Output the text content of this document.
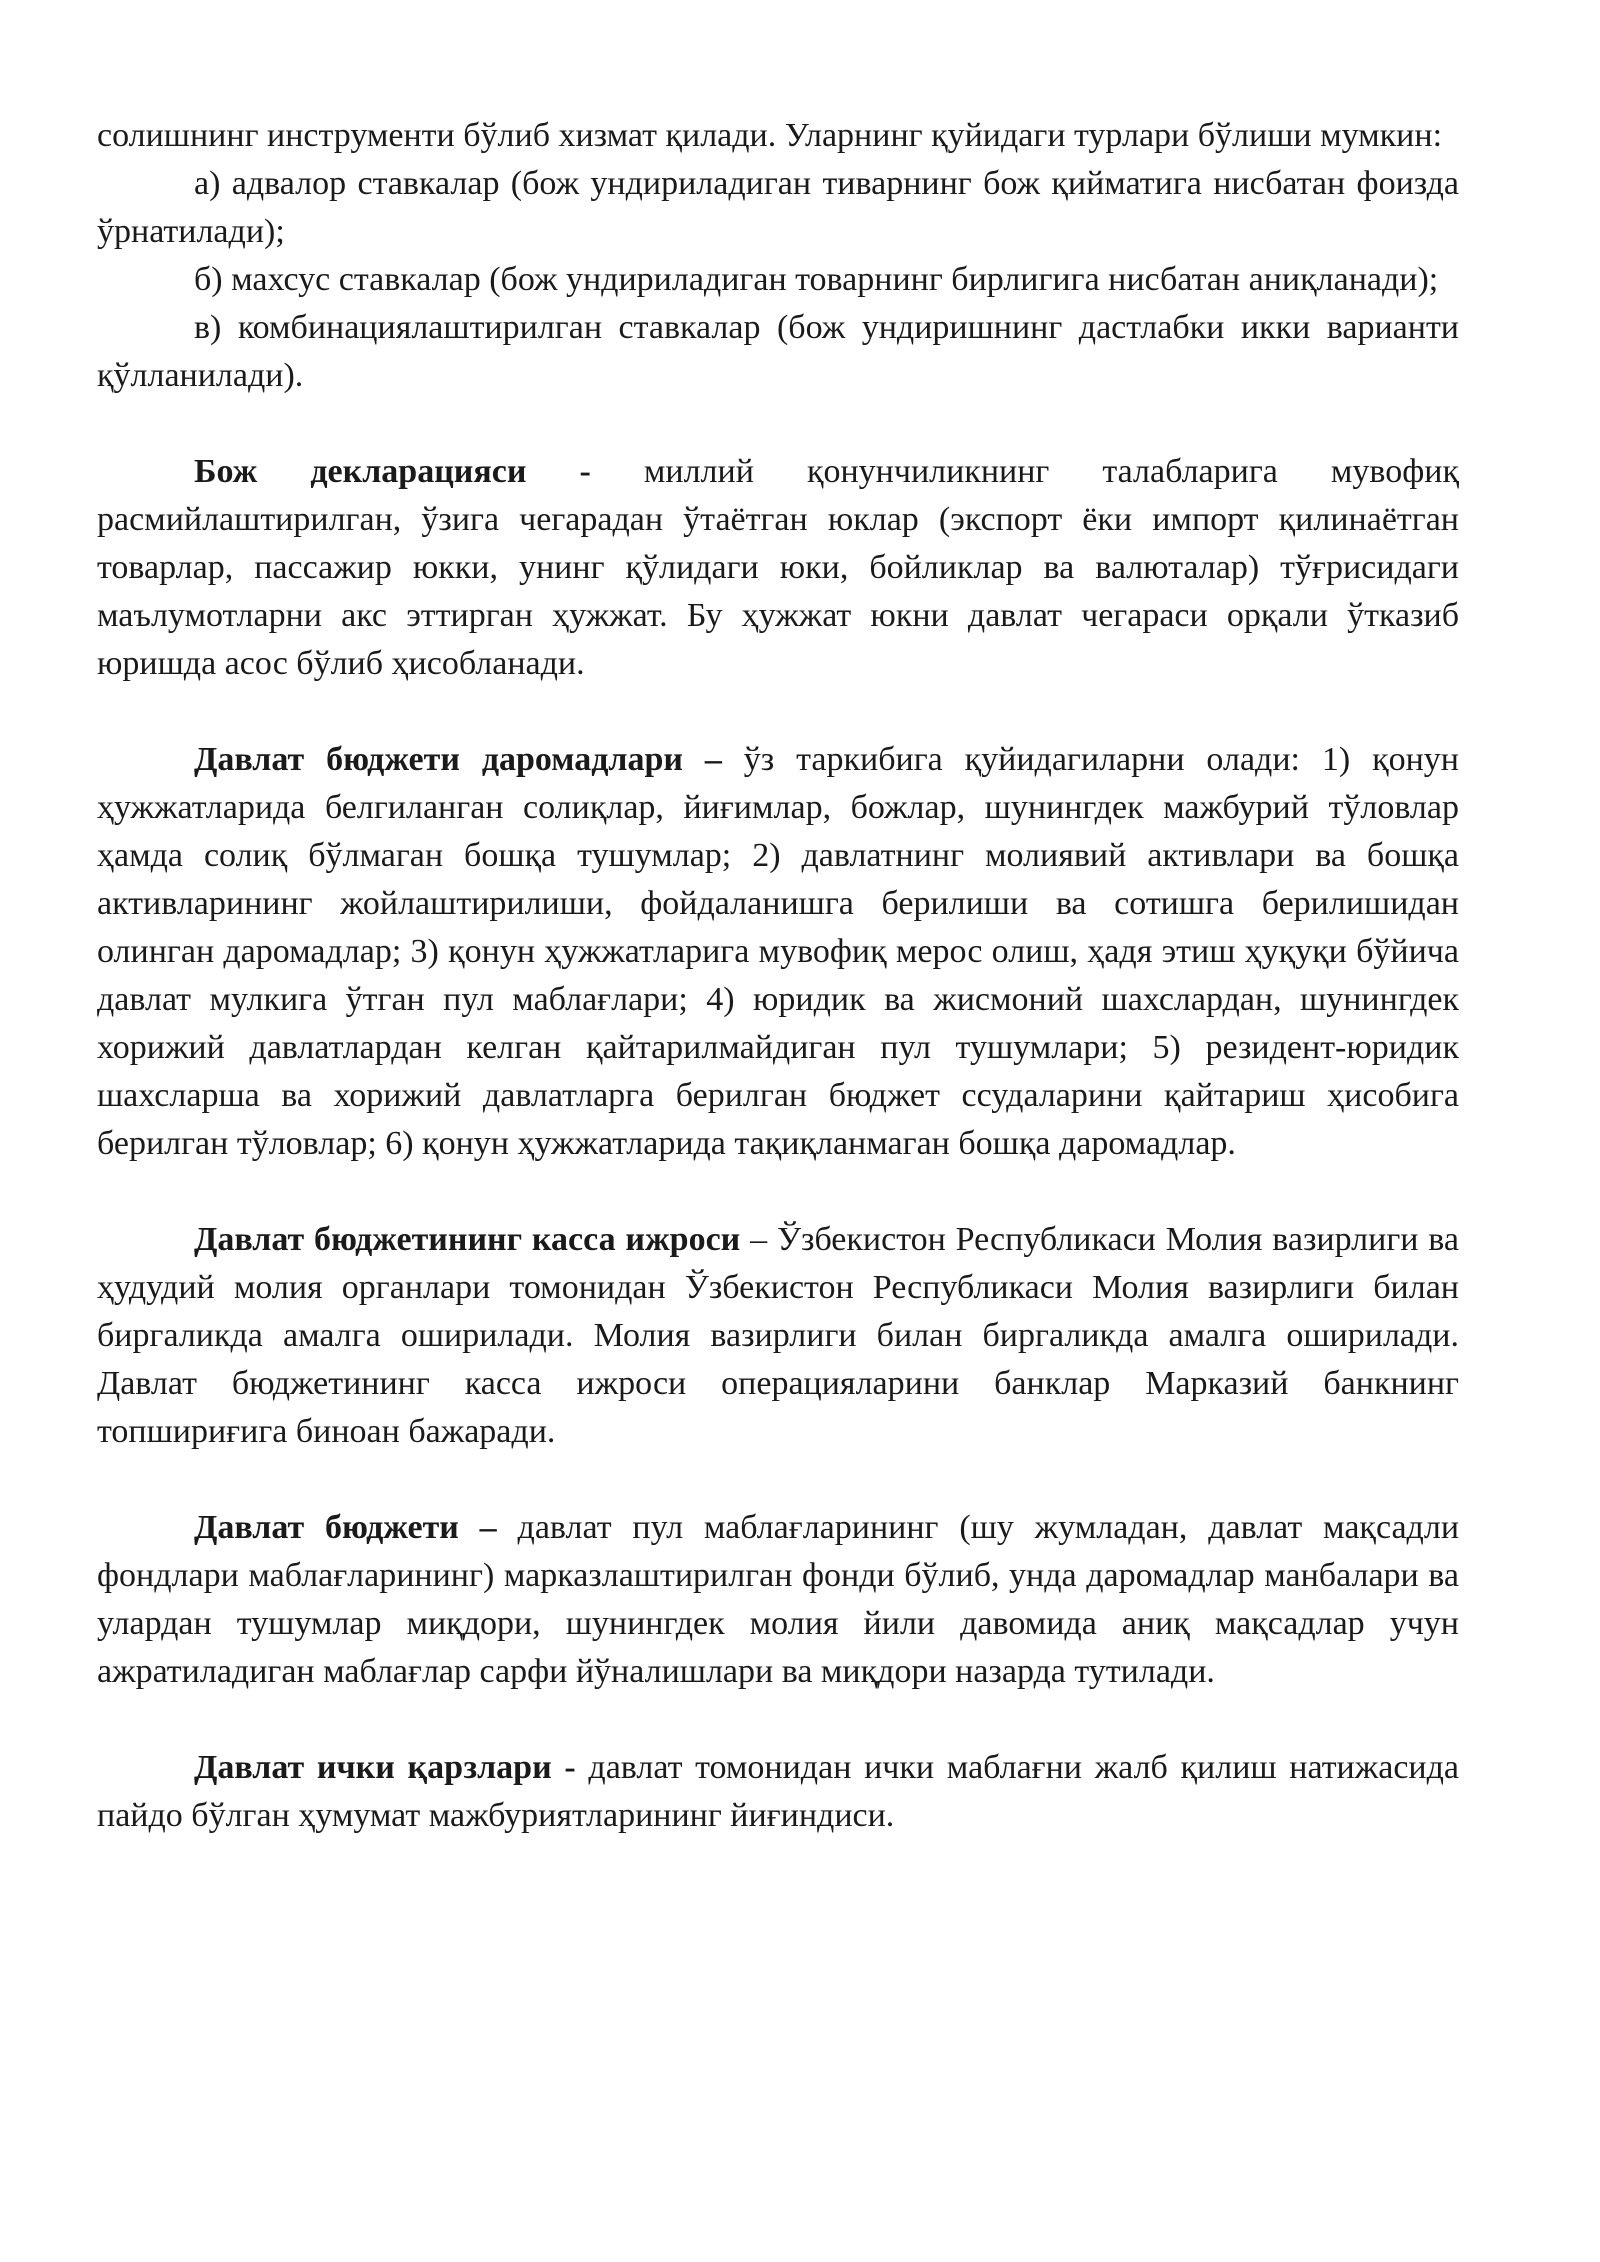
солишнинг инструменти бўлиб хизмат қилади. Уларнинг қуйидаги турлари бўлиши мумкин:

а) адвалор ставкалар (бож ундириладиган тиварнинг бож қийматига нисбатан фоизда ўрнатилади);

б) махсус ставкалар (бож ундириладиган товарнинг бирлигига нисбатан аниқланади);

в) комбинациялаштирилган ставкалар (бож ундиришнинг дастлабки икки варианти қўлланилади).

Бож декларацияси - миллий қонунчиликнинг талабларига мувофиқ расмийлаштирилган, ўзига чегарадан ўтаётган юклар (экспорт ёки импорт қилинаётган товарлар, пассажир юкки, унинг қўлидаги юки, бойликлар ва валюталар) тўғрисидаги маълумотларни акс эттирган ҳужжат. Бу ҳужжат юкни давлат чегараси орқали ўтказиб юришда асос бўлиб ҳисобланади.

Давлат бюджети даромадлари – ўз таркибига қуйидагиларни олади: 1) қонун ҳужжатларида белгиланган солиқлар, йиғимлар, божлар, шунингдек мажбурий тўловлар ҳамда солиқ бўлмаган бошқа тушумлар; 2) давлатнинг молиявий активлари ва бошқа активларининг жойлаштирилиши, фойдаланишга берилиши ва сотишга берилишидан олинган даромадлар; 3) қонун ҳужжатларига мувофиқ мерос олиш, ҳадя этиш ҳуқуқи бўйича давлат мулкига ўтган пул маблағлари; 4) юридик ва жисмоний шахслардан, шунингдек хорижий давлатлардан келган қайтарилмайдиган пул тушумлари; 5) резидент-юридик шахсларша ва хорижий давлатларга берилган бюджет ссудаларини қайтариш ҳисобига берилган тўловлар; 6) қонун ҳужжатларида тақиқланмаган бошқа даромадлар.

Давлат бюджетининг касса ижроси – Ўзбекистон Республикаси Молия вазирлиги ва ҳудудий молия органлари томонидан Ўзбекистон Республикаси Молия вазирлиги билан биргаликда амалга оширилади. Молия вазирлиги билан биргаликда амалга оширилади. Давлат бюджетининг касса ижроси операцияларини банклар Марказий банкнинг топшириғига биноан бажаради.

Давлат бюджети – давлат пул маблағларининг (шу жумладан, давлат мақсадли фондлари маблағларининг) марказлаштирилган фонди бўлиб, унда даромадлар манбалари ва улардан тушумлар миқдори, шунингдек молия йили давомида аниқ мақсадлар учун ажратиладиган маблағлар сарфи йўналишлари ва миқдори назарда тутилади.

Давлат ички қарзлари - давлат томонидан ички маблағни жалб қилиш натижасида пайдо бўлган ҳумумат мажбуриятларининг йиғиндиси.
